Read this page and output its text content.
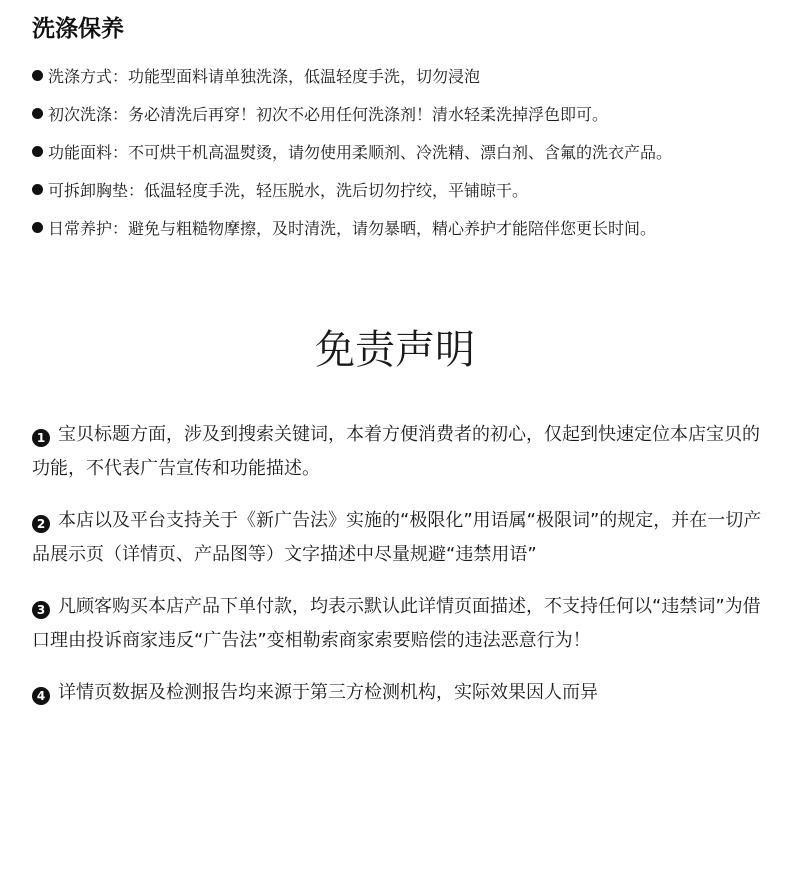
洗涤保养
洗涤方式： 功能型面料请单独洗涤，低温轻度手洗，切勿浸泡
初次洗涤： 务必清洗后再穿！初次不必用任何洗涤剂！清水轻柔洗掉浮色即可。
功能面料： 不可烘干机高温熨烫，请勿使用柔顺剂、冷洗精、漂白剂、含氟的洗衣产品。
可拆卸胸垫： 低温轻度手洗，轻压脱水，洗后切勿拧绞，平铺晾干。
日常养护： 避免与粗糙物摩擦，及时清洗，请勿暴晒，精心养护才能陪伴您更长时间。
免责声明

1 宝贝标题方面，涉及到搜索关键词，本着方便消费者的初心，仅起到快速定位本店宝贝的功能，不代表广告宣传和功能描述。

2 本店以及平台支持关于《新广告法》实施的“极限化”用语属“极限词”的规定，并在一切产品展示页（详情页、产品图等）文字描述中尽量规避“违禁用语”

3 凡顾客购买本店产品下单付款，均表示默认此详情页面描述，不支持任何以“违禁词”为借口理由投诉商家违反“广告法”变相勒索商家索要赔偿的违法恶意行为！

4 详情页数据及检测报告均来源于第三方检测机构，实际效果因人而异
